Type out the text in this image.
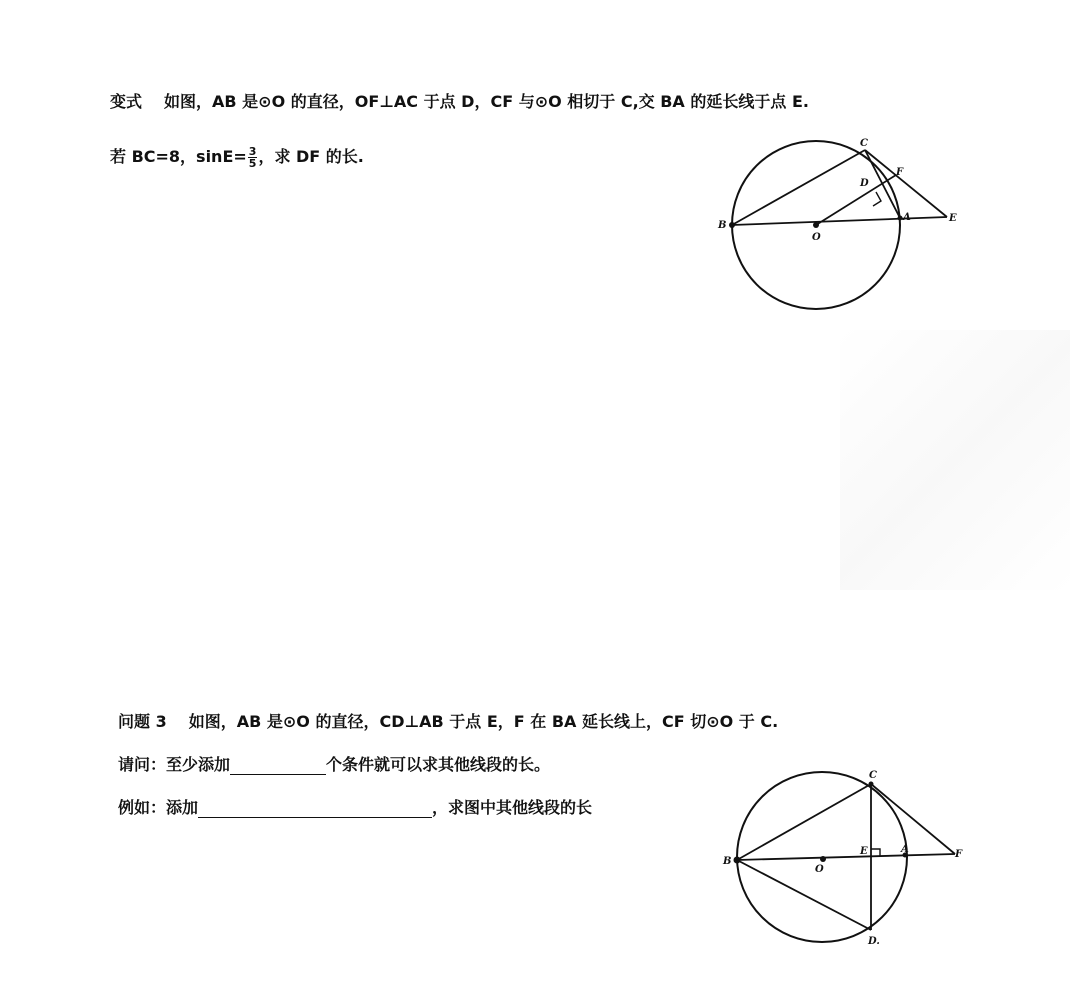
变式 如图，AB 是⊙O 的直径，OF⊥AC 于点 D，CF 与⊙O 相切于 C,交 BA 的延长线于点 E.
若 BC=8，$\sin E= \frac{3}{5}$ ，求 DF 的长.
C
F
D
B
O
A	E
问题 3 如图，AB 是⊙O 的直径，CD⊥AB 于点 E，F 在 BA 延长线上，CF 切⊙O 于 C.
请问：至少添加	个条件就可以求其他线段的长。
例如：添加	，求图中其他线段的长
C
B
O
E	A	F
D.
